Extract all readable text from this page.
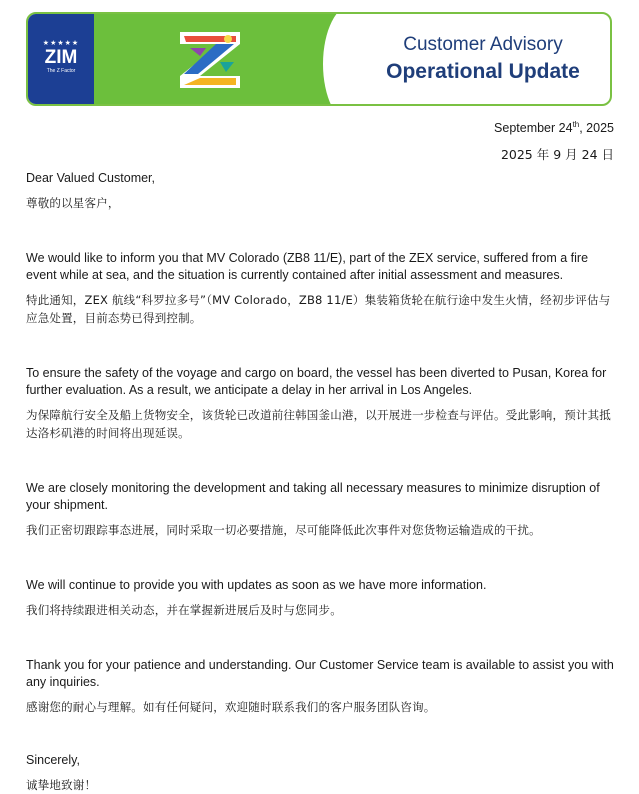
★★★★★
ZIM
The Z Factor
Customer Advisory
Operational Update
September 24th, 2025
2025 年 9 月 24 日

Dear Valued Customer,

尊敬的以星客户，

We would like to inform you that MV Colorado (ZB8 11/E), part of the ZEX service, suffered from a fire event while at sea, and the situation is currently contained after initial assessment and measures.

特此通知，ZEX 航线“科罗拉多号”（MV Colorado，ZB8 11/E）集装箱货轮在航行途中发生火情，经初步评估与应急处置，目前态势已得到控制。

To ensure the safety of the voyage and cargo on board, the vessel has been diverted to Pusan, Korea for further evaluation. As a result, we anticipate a delay in her arrival in Los Angeles.

为保障航行安全及船上货物安全，该货轮已改道前往韩国釜山港，以开展进一步检查与评估。受此影响，预计其抵达洛杉矶港的时间将出现延误。

We are closely monitoring the development and taking all necessary measures to minimize disruption of your shipment.

我们正密切跟踪事态进展，同时采取一切必要措施，尽可能降低此次事件对您货物运输造成的干扰。

We will continue to provide you with updates as soon as we have more information.

我们将持续跟进相关动态，并在掌握新进展后及时与您同步。

Thank you for your patience and understanding. Our Customer Service team is available to assist you with any inquiries.

感谢您的耐心与理解。如有任何疑问，欢迎随时联系我们的客户服务团队咨询。

Sincerely,

诚挚地致谢！
